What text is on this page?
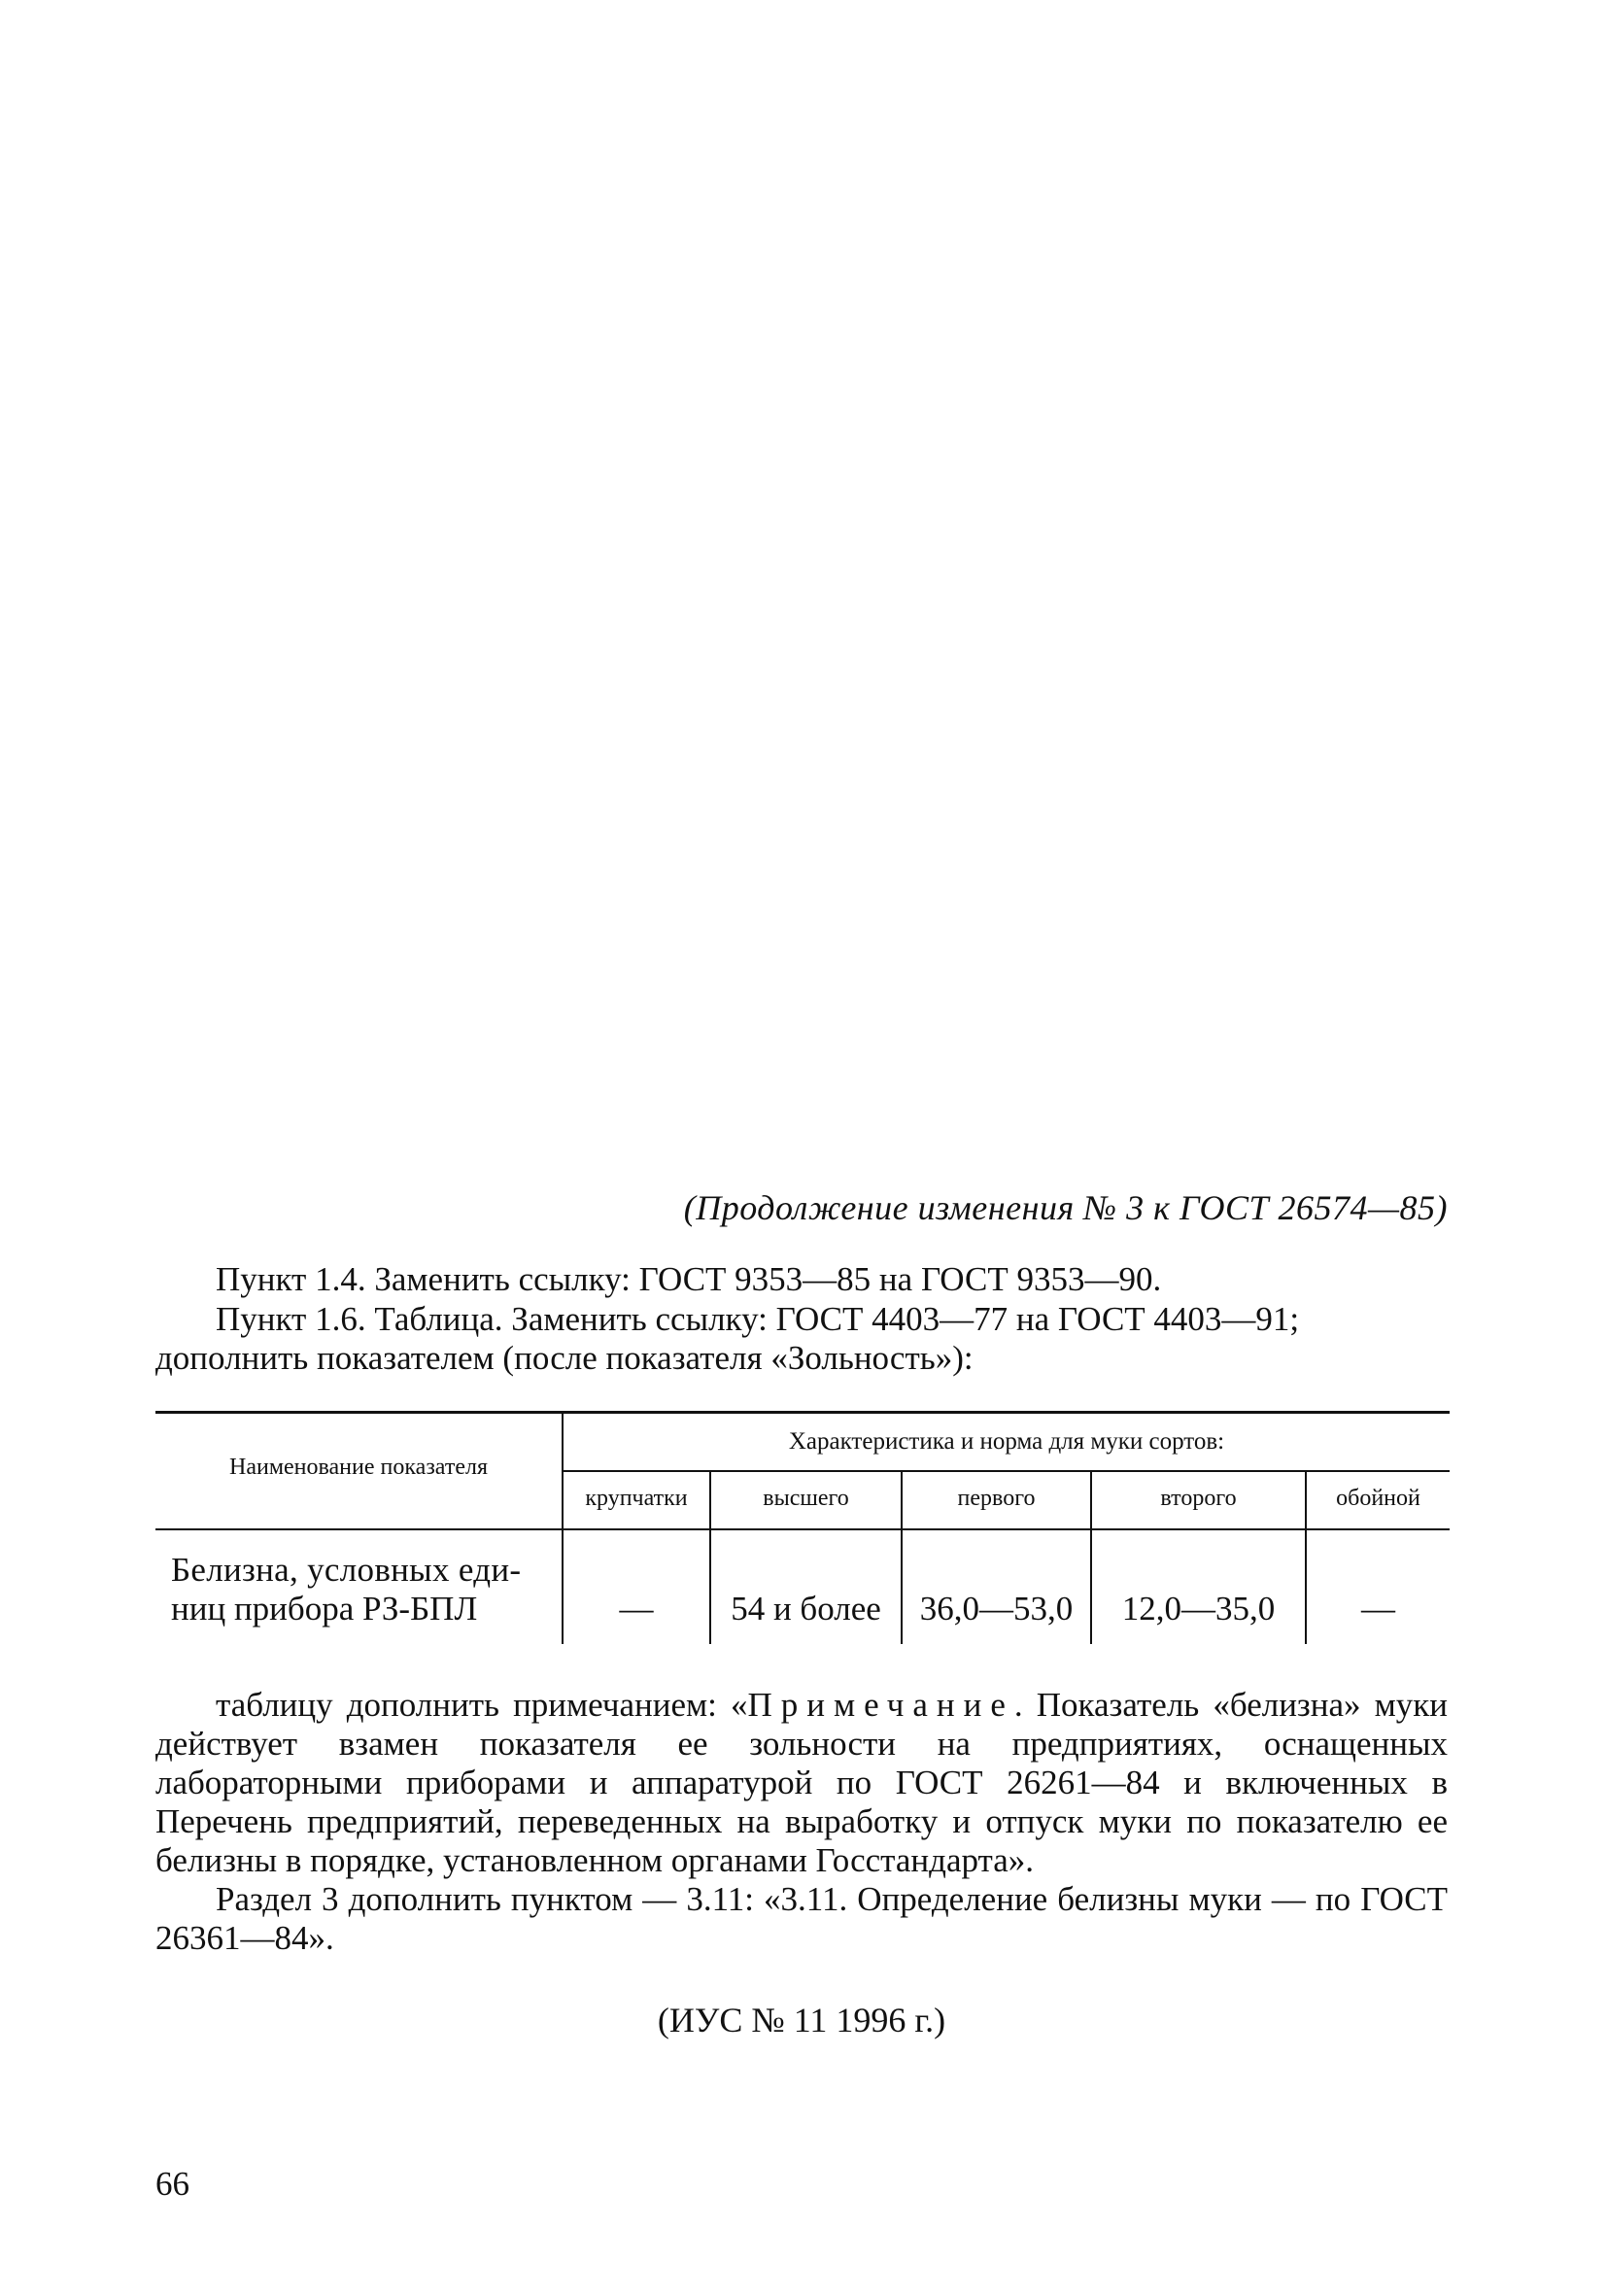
(Продолжение изменения № 3 к ГОСТ 26574—85)

Пункт 1.4. Заменить ссылку: ГОСТ 9353—85 на ГОСТ 9353—90.

Пункт 1.6. Таблица. Заменить ссылку: ГОСТ 4403—77 на ГОСТ 4403—91;

дополнить показателем (после показателя «Зольность»):

Наименование показателя
Характеристика и норма для муки сортов:
крупчатки	высшего	первого	второго	обойной
Белизна, условных еди-
ниц прибора РЗ-БПЛ	—	54 и более	36,0—53,0	12,0—35,0	—

таблицу дополнить примечанием: «Примечание. Показатель «белизна» муки действует взамен показателя ее зольности на предприятиях, оснащенных лабораторными приборами и аппаратурой по ГОСТ 26261—84 и включенных в Перечень предприятий, переведенных на выработку и отпуск муки по показателю ее белизны в порядке, установленном органами Госстандарта».

Раздел 3 дополнить пунктом — 3.11: «3.11. Определение белизны муки — по ГОСТ 26361—84».

(ИУС № 11 1996 г.)
66
